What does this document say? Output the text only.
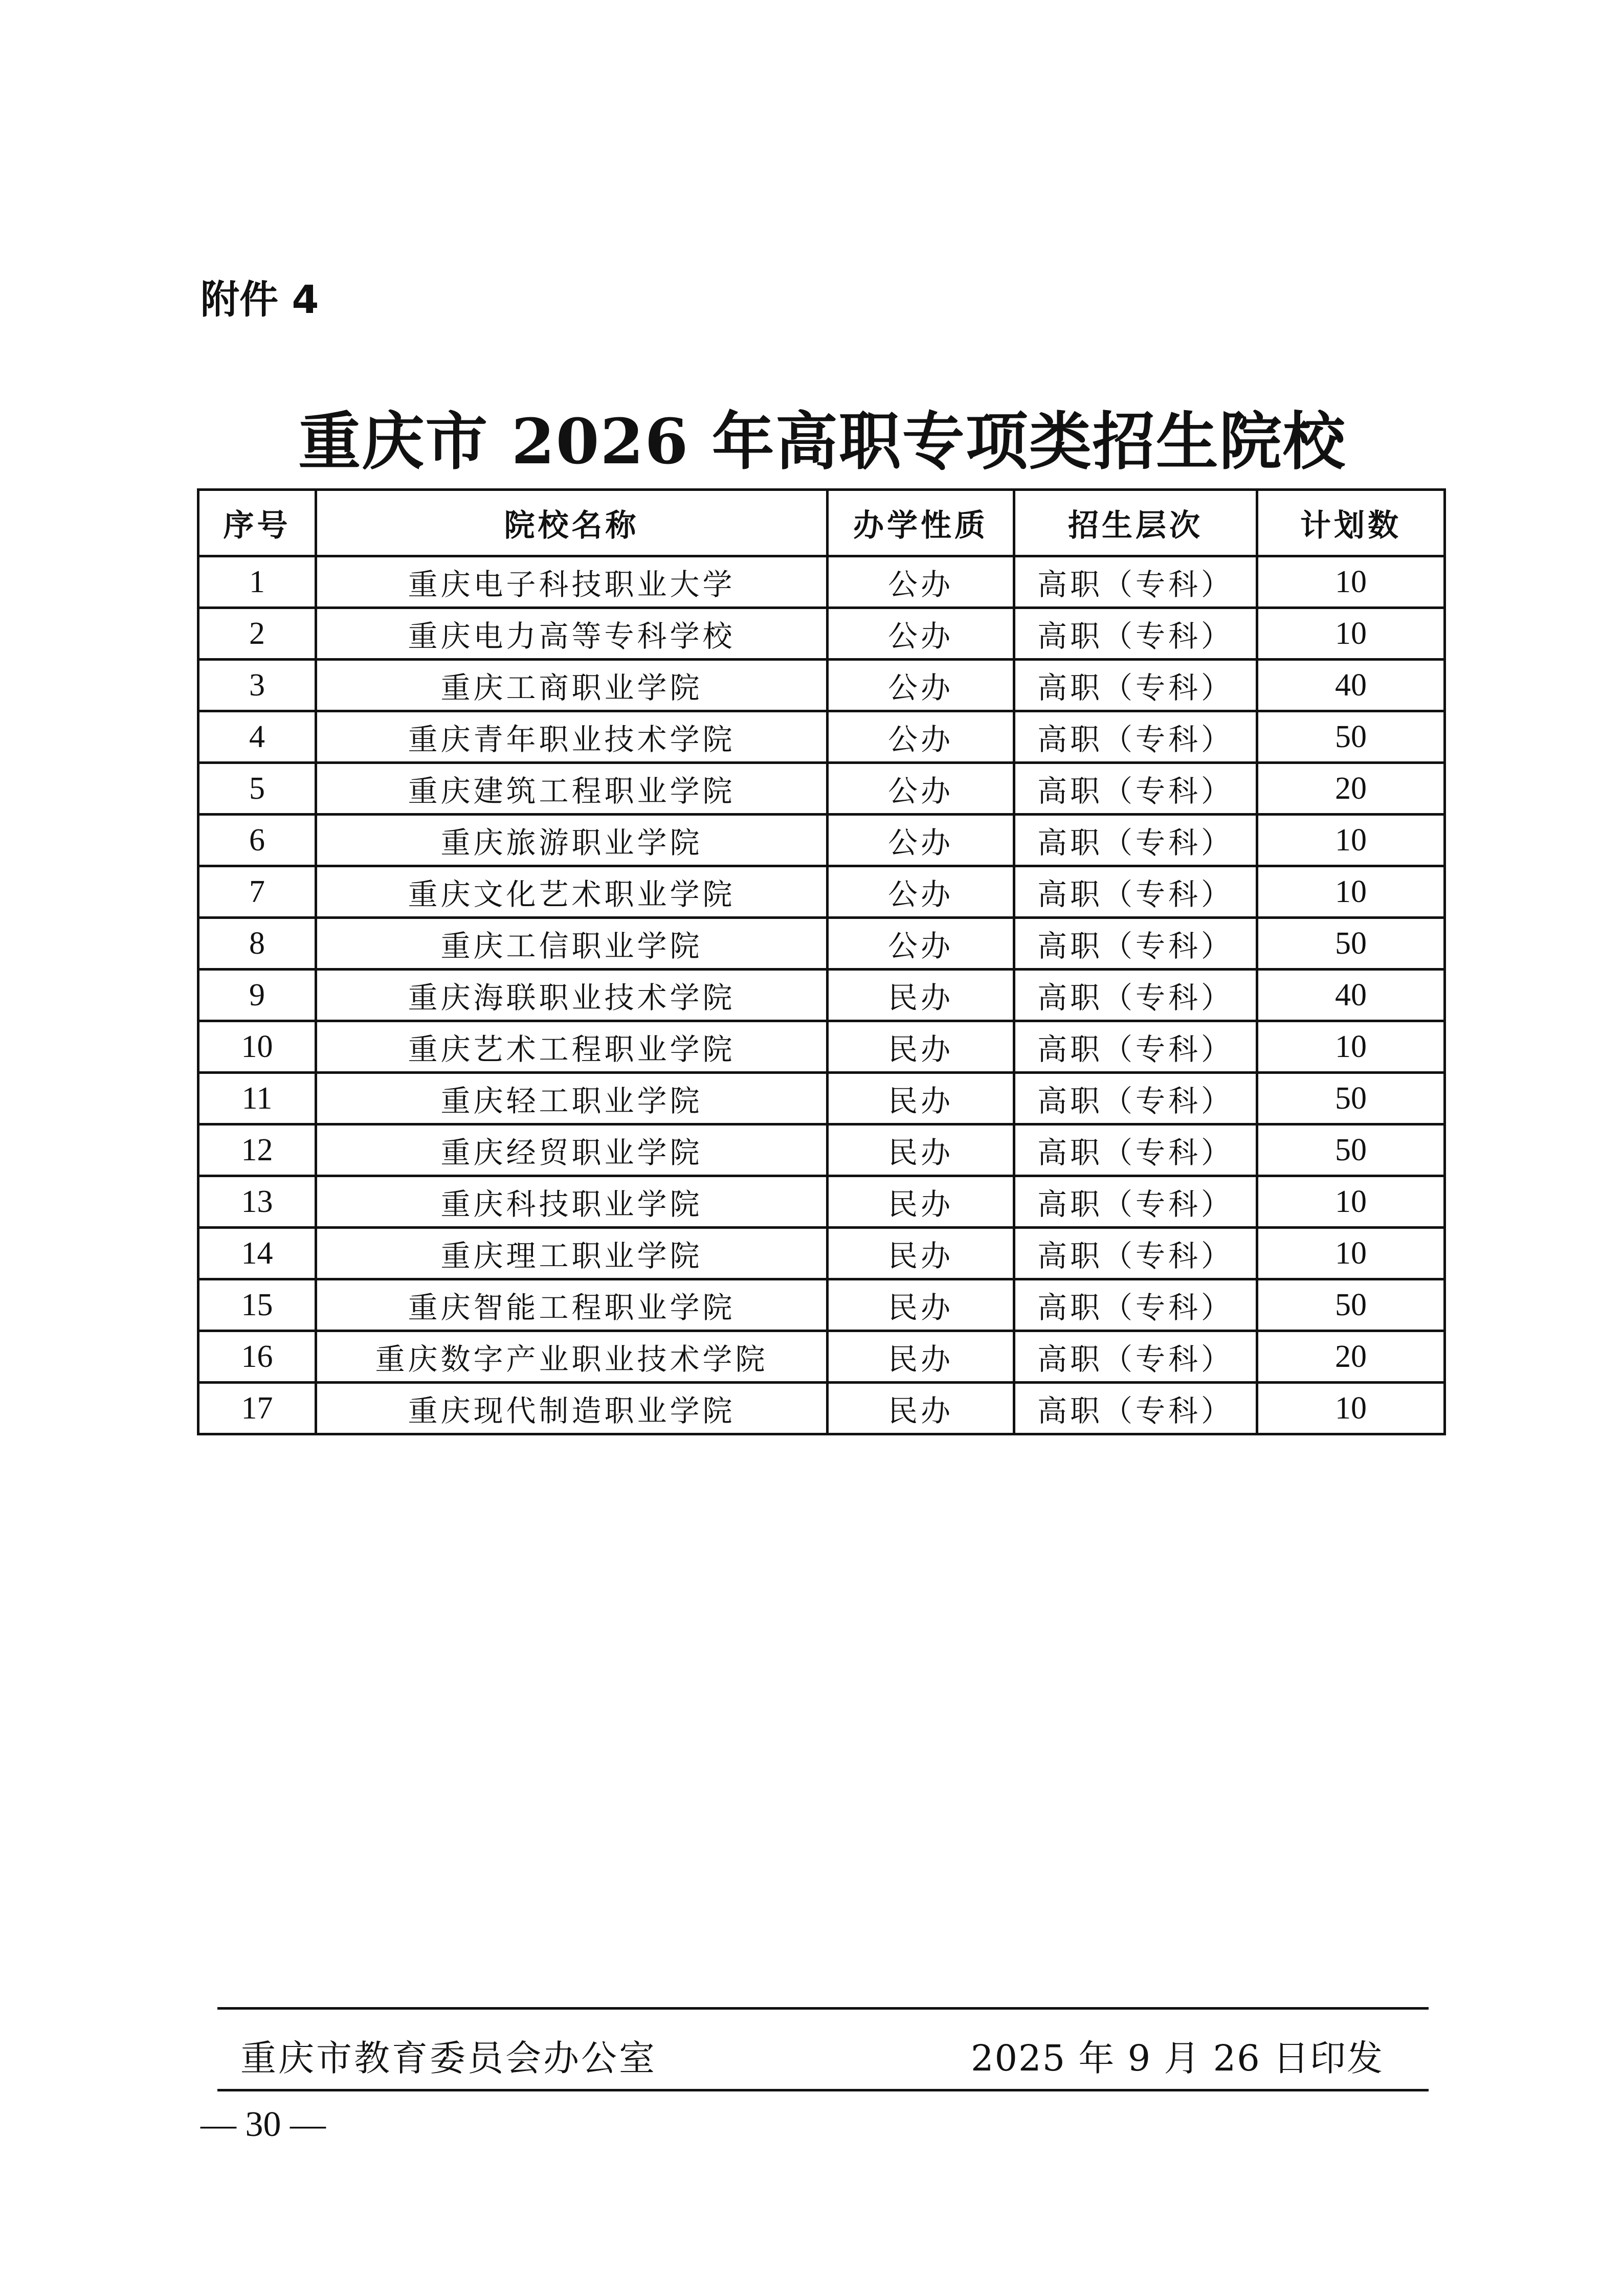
附件 4
重庆市 2026 年高职专项类招生院校
序号	院校名称	办学性质	招生层次	计划数
1	重庆电子科技职业大学	公办	高职（专科）	10
2	重庆电力高等专科学校	公办	高职（专科）	10
3	重庆工商职业学院	公办	高职（专科）	40
4	重庆青年职业技术学院	公办	高职（专科）	50
5	重庆建筑工程职业学院	公办	高职（专科）	20
6	重庆旅游职业学院	公办	高职（专科）	10
7	重庆文化艺术职业学院	公办	高职（专科）	10
8	重庆工信职业学院	公办	高职（专科）	50
9	重庆海联职业技术学院	民办	高职（专科）	40
10	重庆艺术工程职业学院	民办	高职（专科）	10
11	重庆轻工职业学院	民办	高职（专科）	50
12	重庆经贸职业学院	民办	高职（专科）	50
13	重庆科技职业学院	民办	高职（专科）	10
14	重庆理工职业学院	民办	高职（专科）	10
15	重庆智能工程职业学院	民办	高职（专科）	50
16	重庆数字产业职业技术学院	民办	高职（专科）	20
17	重庆现代制造职业学院	民办	高职（专科）	10
重庆市教育委员会办公室	2025 年 9 月 26 日印发
— 30 —
